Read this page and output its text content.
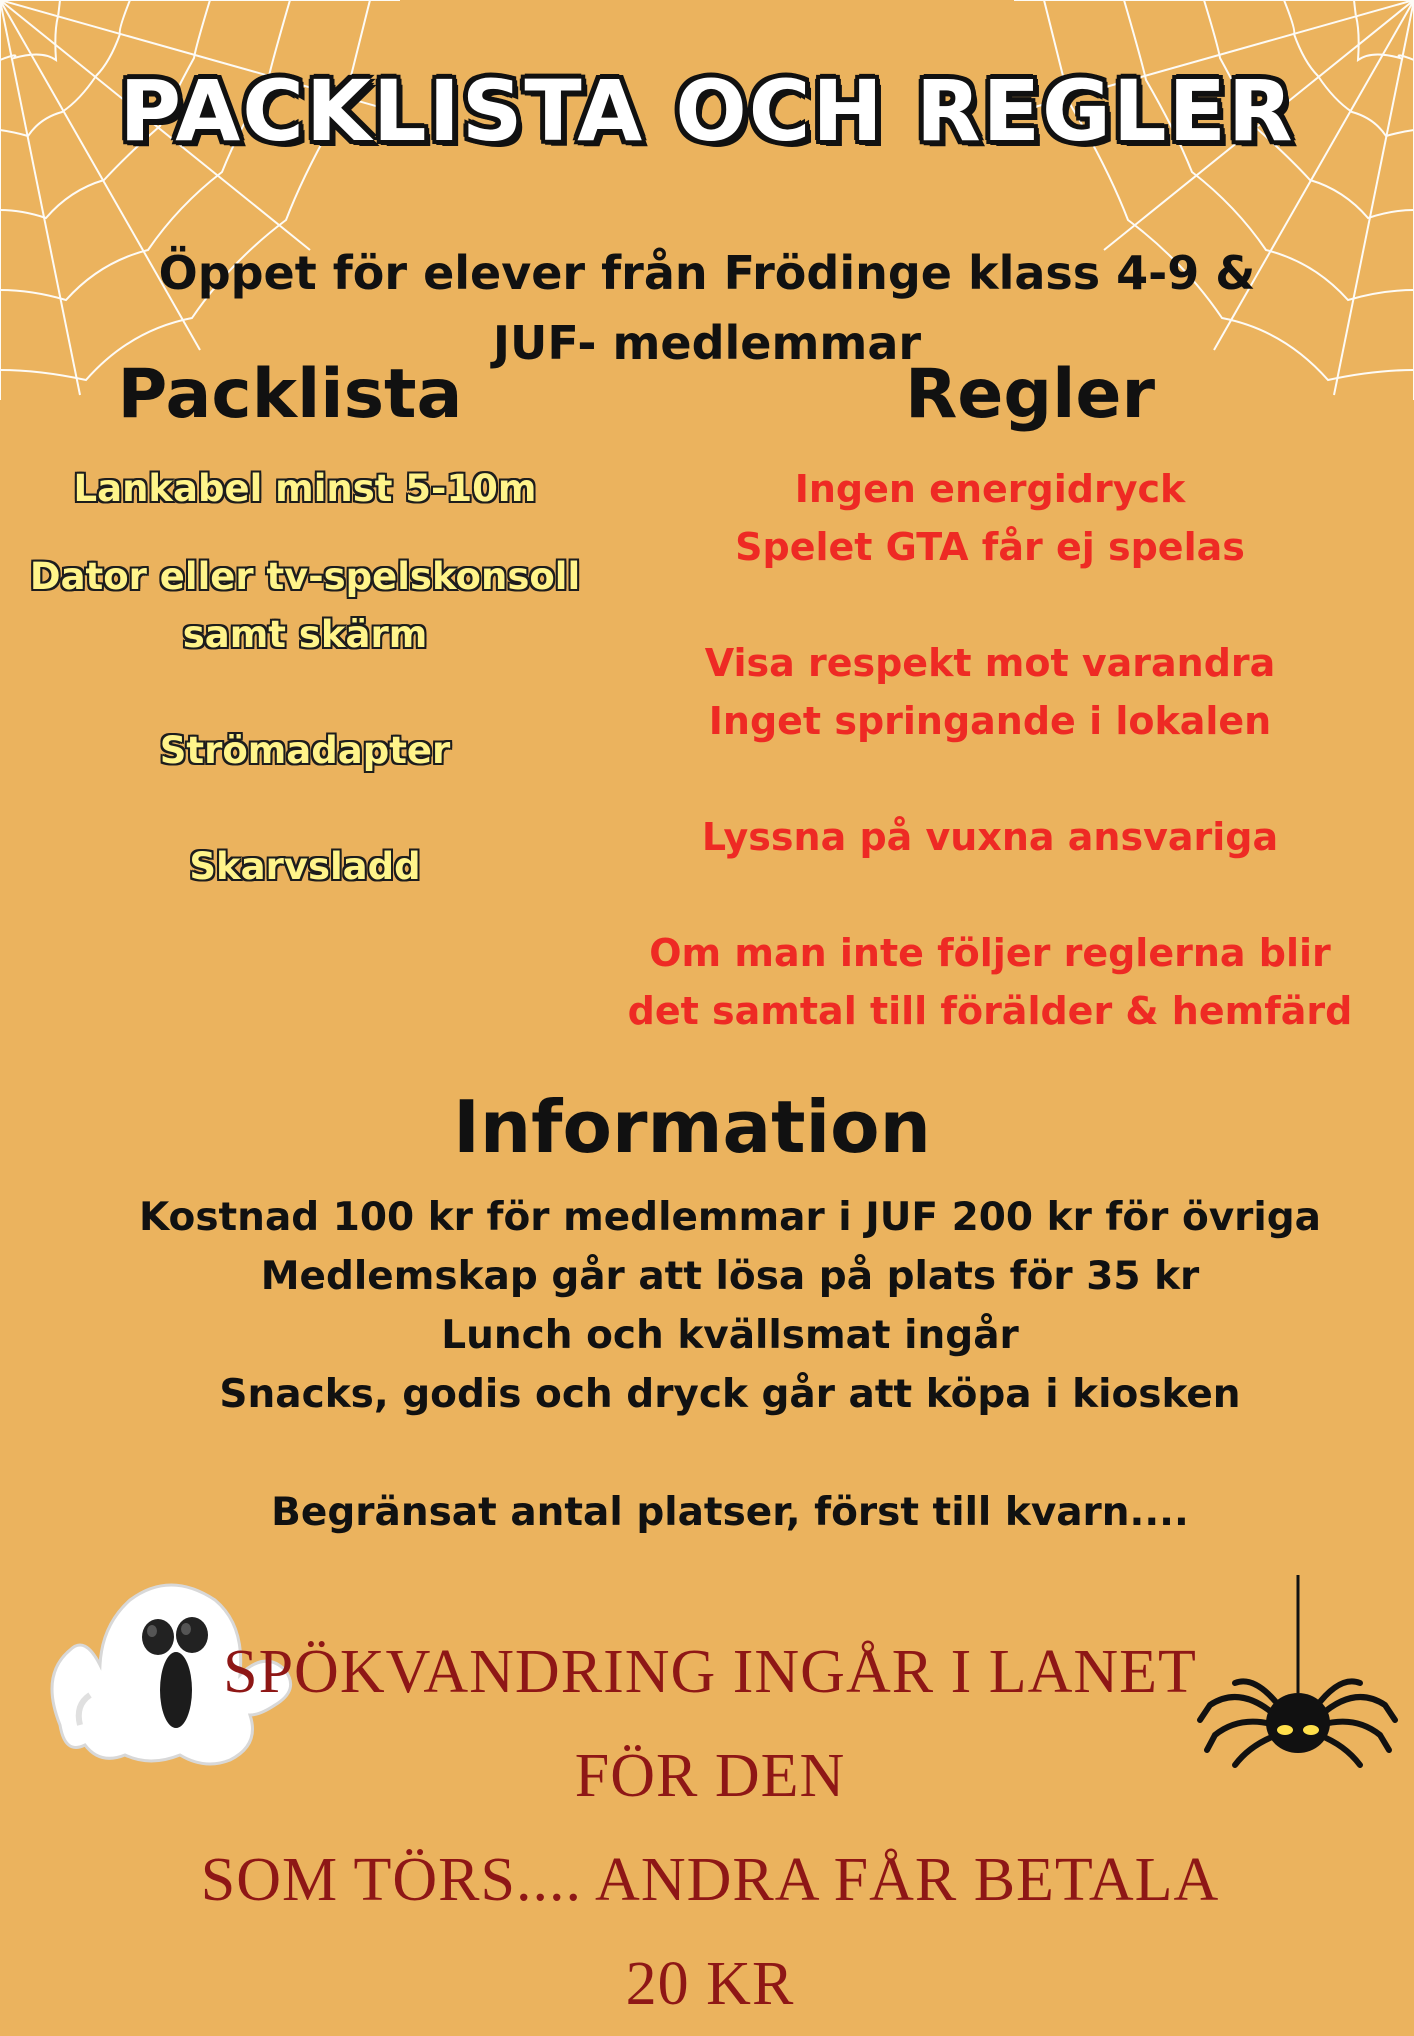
PACKLISTA OCH REGLER
Öppet för elever från Frödinge klass 4-9 &
JUF- medlemmar
Packlista	Regler
Lankabel minst 5-10m
Dator eller tv-spelskonsoll
samt skärm
Strömadapter
Skarvsladd
Ingen energidryck
Spelet GTA får ej spelas
Visa respekt mot varandra
Inget springande i lokalen
Lyssna på vuxna ansvariga
Om man inte följer reglerna blir
det samtal till förälder & hemfärd
Information
Kostnad 100 kr för medlemmar i JUF 200 kr för övriga
Medlemskap går att lösa på plats för 35 kr
Lunch och kvällsmat ingår
Snacks, godis och dryck går att köpa i kiosken
Begränsat antal platser, först till kvarn....
SPÖKVANDRING INGÅR I LANET FÖR DEN
SOM TÖRS.... ANDRA FÅR BETALA 20 KR
